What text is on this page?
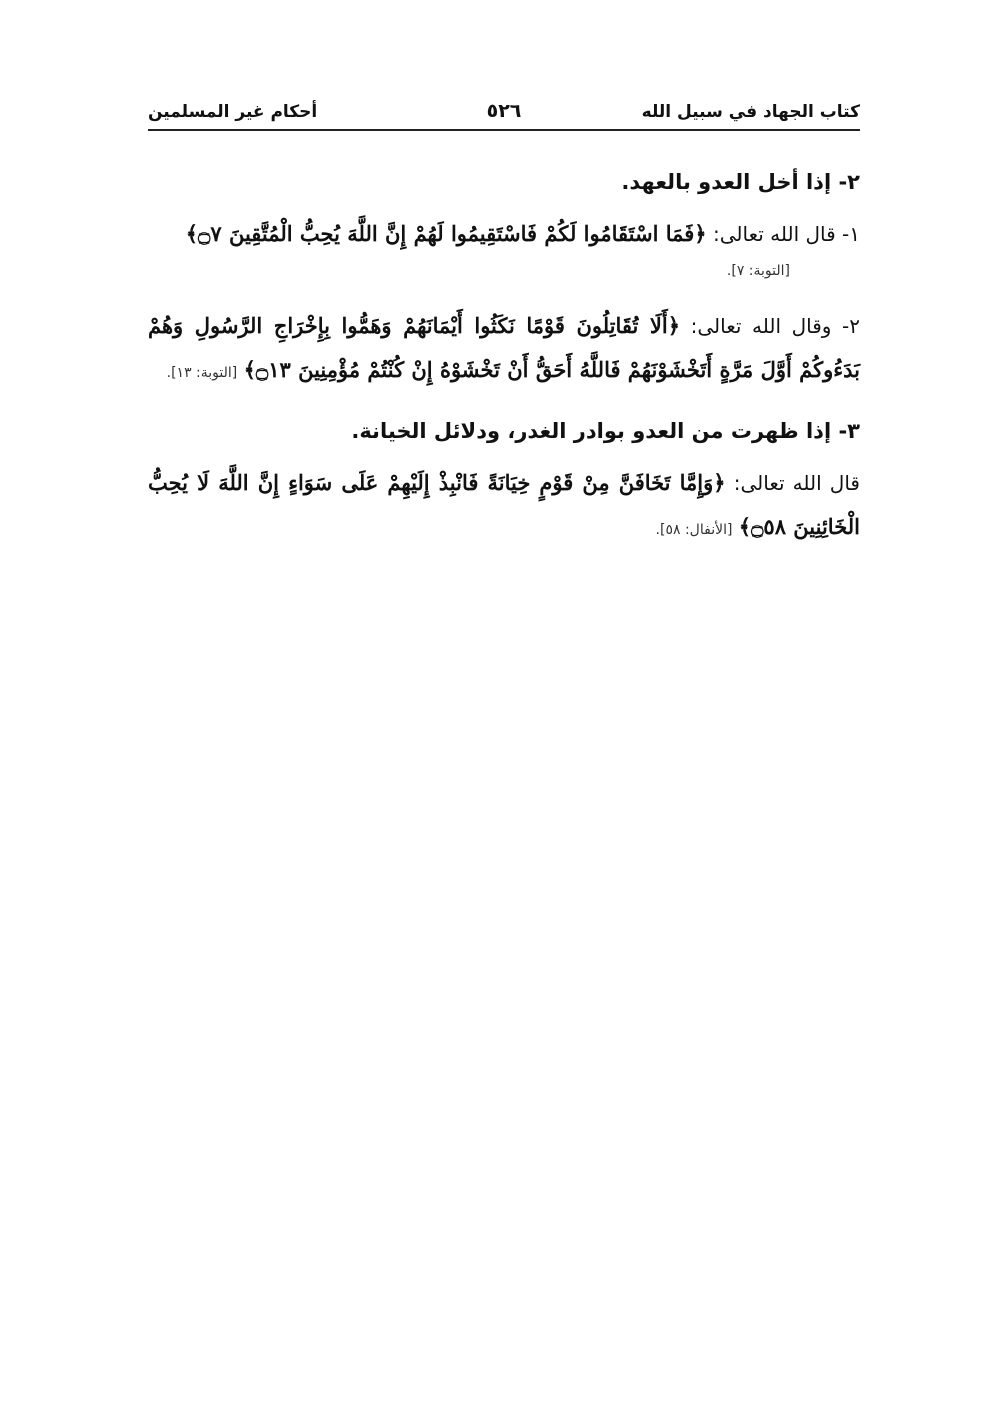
كتاب الجهاد في سبيل الله
٥٢٦
أحكام غير المسلمين

٢- إذا أخل العدو بالعهد.

١- قال الله تعالى: ﴿فَمَا اسْتَقَامُوا لَكُمْ فَاسْتَقِيمُوا لَهُمْ إِنَّ اللَّهَ يُحِبُّ الْمُتَّقِينَ ۝٧﴾

[التوبة: ٧].

٢- وقال الله تعالى: ﴿أَلَا تُقَاتِلُونَ قَوْمًا نَكَثُوا أَيْمَانَهُمْ وَهَمُّوا بِإِخْرَاجِ الرَّسُولِ وَهُمْ بَدَءُوكُمْ أَوَّلَ مَرَّةٍ أَتَخْشَوْنَهُمْ فَاللَّهُ أَحَقُّ أَنْ تَخْشَوْهُ إِنْ كُنْتُمْ مُؤْمِنِينَ ۝١٣﴾ [التوبة: ١٣].

٣- إذا ظهرت من العدو بوادر الغدر، ودلائل الخيانة.

قال الله تعالى: ﴿وَإِمَّا تَخَافَنَّ مِنْ قَوْمٍ خِيَانَةً فَانْبِذْ إِلَيْهِمْ عَلَى سَوَاءٍ إِنَّ اللَّهَ لَا يُحِبُّ الْخَائِنِينَ ۝٥٨﴾ [الأنفال: ٥٨].
